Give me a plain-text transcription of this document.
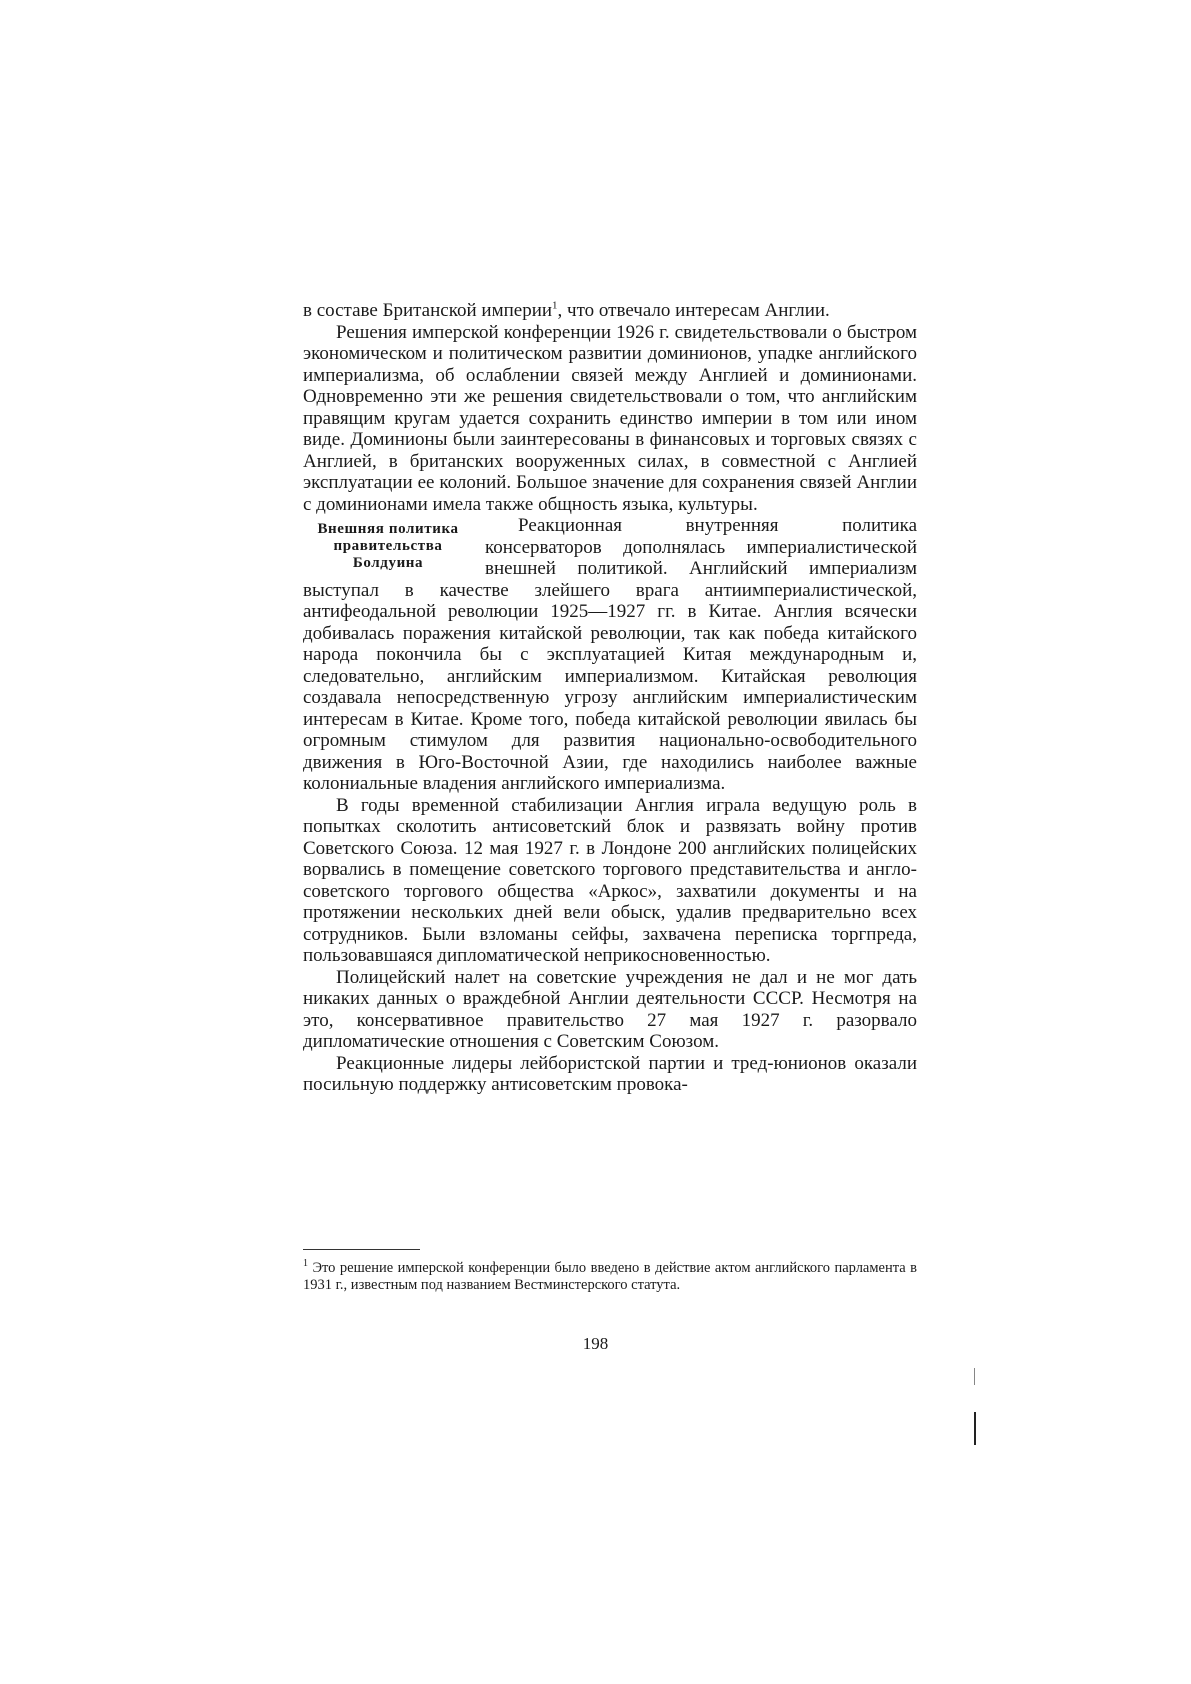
в составе Британской империи$^1$, что отвечало интересам Англии.

Решения имперской конференции 1926 г. свидетельствовали о быстром экономическом и политическом развитии доминионов, упадке английского империализма, об ослаблении связей между Англией и доминионами. Одновременно эти же решения свидетельствовали о том, что английским правящим кругам удается сохранить единство империи в том или ином виде. Доминионы были заинтересованы в финансовых и торговых связях с Англией, в британских вооруженных силах, в совместной с Англией эксплуатации ее колоний. Большое значение для сохранения связей Англии с доминионами имела также общность языка, культуры.

Внешняя политика
правительства
Болдуина

Реакционная внутренняя политика консерваторов дополнялась империалистической внешней политикой. Английский империализм выступал в качестве злейшего врага антиимпериалистической, антифеодальной революции 1925—1927 гг. в Китае. Англия всячески добивалась поражения китайской революции, так как победа китайского народа покончила бы с эксплуатацией Китая международным и, следовательно, английским империализмом. Китайская революция создавала непосредственную угрозу английским империалистическим интересам в Китае. Кроме того, победа китайской революции явилась бы огромным стимулом для развития национально-освободительного движения в Юго-Восточной Азии, где находились наиболее важные колониальные владения английского империализма.

В годы временной стабилизации Англия играла ведущую роль в попытках сколотить антисоветский блок и развязать войну против Советского Союза. 12 мая 1927 г. в Лондоне 200 английских полицейских ворвались в помещение советского торгового представительства и англо-советского торгового общества «Аркос», захватили документы и на протяжении нескольких дней вели обыск, удалив предварительно всех сотрудников. Были взломаны сейфы, захвачена переписка торгпреда, пользовавшаяся дипломатической неприкосновенностью.

Полицейский налет на советские учреждения не дал и не мог дать никаких данных о враждебной Англии деятельности СССР. Несмотря на это, консервативное правительство 27 мая 1927 г. разорвало дипломатические отношения с Советским Союзом.

Реакционные лидеры лейбористской партии и тред-юнионов оказали посильную поддержку антисоветским провока-

$^1$ Это решение имперской конференции было введено в действие актом английского парламента в 1931 г., известным под названием Вестминстерского статута.
198
